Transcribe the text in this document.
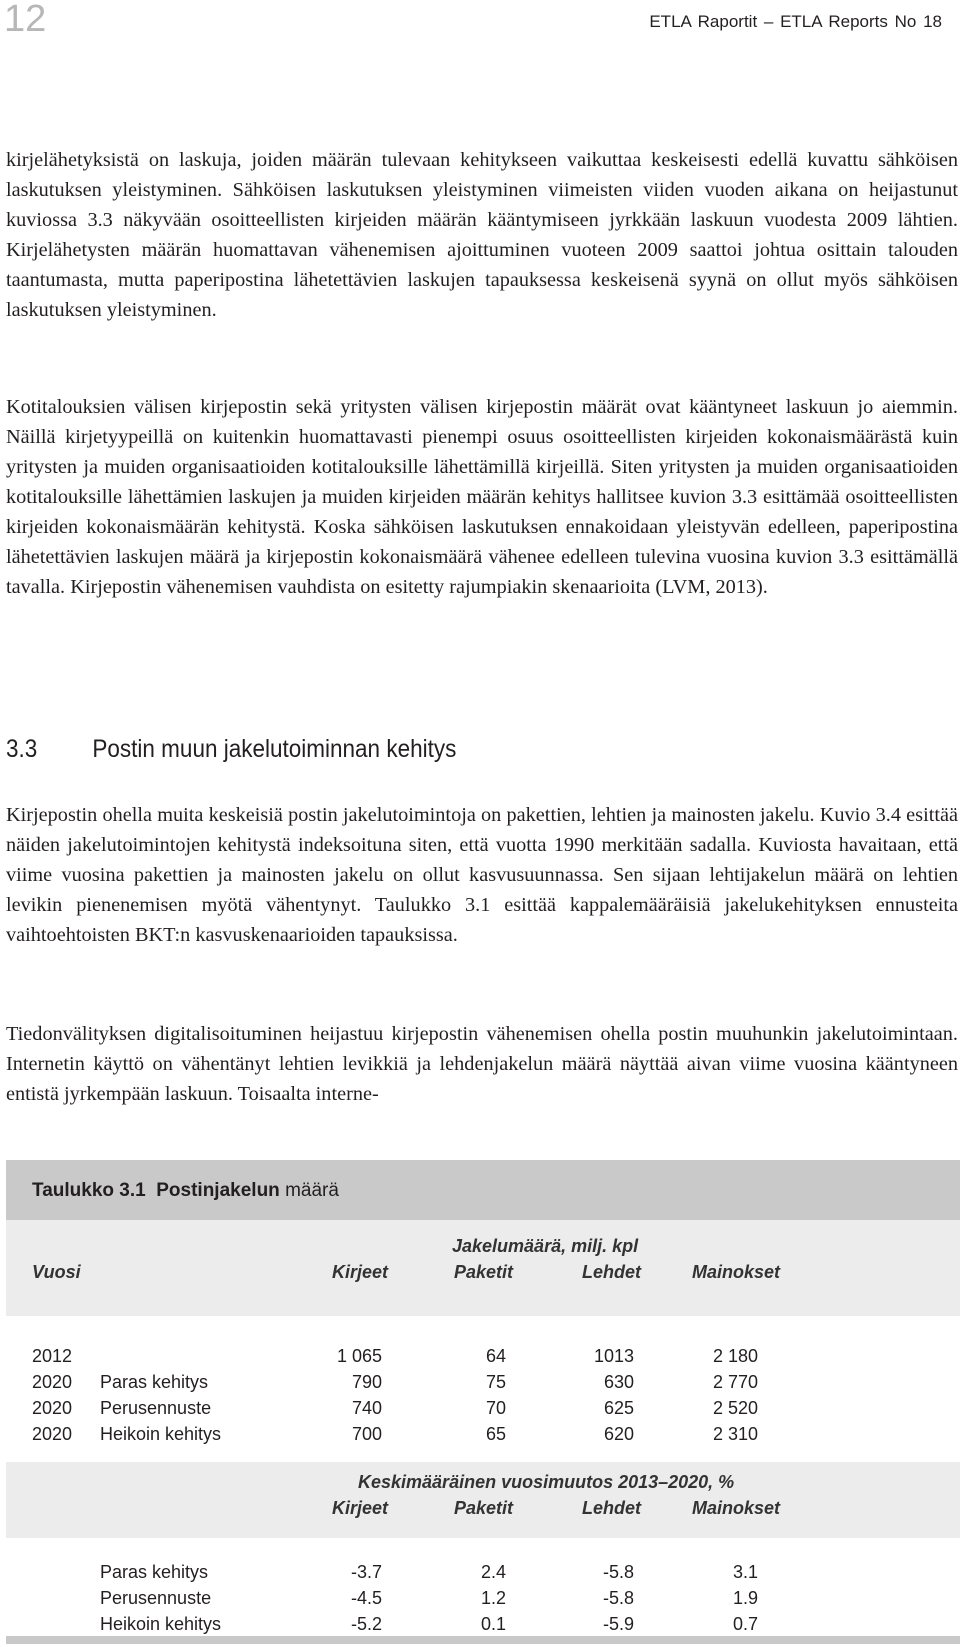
12	ETLA Raportit – ETLA Reports No 18
kirjelähetyksistä on laskuja, joiden määrän tulevaan kehitykseen vaikuttaa keskeisesti edellä kuvattu sähköisen laskutuksen yleistyminen. Sähköisen laskutuksen yleistyminen viimeisten viiden vuoden aikana on heijastunut kuviossa 3.3 näkyvään osoitteellisten kirjeiden määrän kääntymiseen jyrkkään laskuun vuodesta 2009 lähtien. Kirjelähetysten määrän huomattavan vähenemisen ajoittuminen vuoteen 2009 saattoi johtua osittain talouden taantumasta, mutta paperipostina lähetettävien laskujen tapauksessa keskeisenä syynä on ollut myös sähköisen laskutuksen yleistyminen.
Kotitalouksien välisen kirjepostin sekä yritysten välisen kirjepostin määrät ovat kääntyneet laskuun jo aiemmin. Näillä kirjetyypeillä on kuitenkin huomattavasti pienempi osuus osoitteellisten kirjeiden kokonaismäärästä kuin yritysten ja muiden organisaatioiden kotitalouksille lähettämillä kirjeillä. Siten yritysten ja muiden organisaatioiden kotitalouksille lähettämien laskujen ja muiden kirjeiden määrän kehitys hallitsee kuvion 3.3 esittämää osoitteellisten kirjeiden kokonaismäärän kehitystä. Koska sähköisen laskutuksen ennakoidaan yleistyvän edelleen, paperipostina lähetettävien laskujen määrä ja kirjepostin kokonaismäärä vähenee edelleen tulevina vuosina kuvion 3.3 esittämällä tavalla. Kirjepostin vähenemisen vauhdista on esitetty rajumpiakin skenaarioita (LVM, 2013).
3.3 Postin muun jakelutoiminnan kehitys
Kirjepostin ohella muita keskeisiä postin jakelutoimintoja on pakettien, lehtien ja mainosten jakelu. Kuvio 3.4 esittää näiden jakelutoimintojen kehitystä indeksoituna siten, että vuotta 1990 merkitään sadalla. Kuviosta havaitaan, että viime vuosina pakettien ja mainosten jakelu on ollut kasvusuunnassa. Sen sijaan lehtijakelun määrä on lehtien levikin pienenemisen myötä vähentynyt. Taulukko 3.1 esittää kappalemääräisiä jakelukehityksen ennusteita vaihtoehtoisten BKT:n kasvuskenaarioiden tapauksissa.
Tiedonvälityksen digitalisoituminen heijastuu kirjepostin vähenemisen ohella postin muuhunkin jakelutoimintaan. Internetin käyttö on vähentänyt lehtien levikkiä ja lehdenjakelun määrä näyttää aivan viime vuosina kääntyneen entistä jyrkempään laskuun. Toisaalta interne-
Taulukko 3.1 Postinjakelun määrä
Jakelumäärä, milj. kpl
Vuosi	Kirjeet	Paketit	Lehdet	Mainokset
2012	1 065	64	1013	2 180
2020 Paras kehitys	790	75	630	2 770
2020 Perusennuste	740	70	625	2 520
2020 Heikoin kehitys	700	65	620	2 310
Keskimääräinen vuosimuutos 2013–2020, %
Kirjeet	Paketit	Lehdet	Mainokset
Paras kehitys	-3.7	2.4	-5.8	3.1
Perusennuste	-4.5	1.2	-5.8	1.9
Heikoin kehitys	-5.2	0.1	-5.9	0.7
